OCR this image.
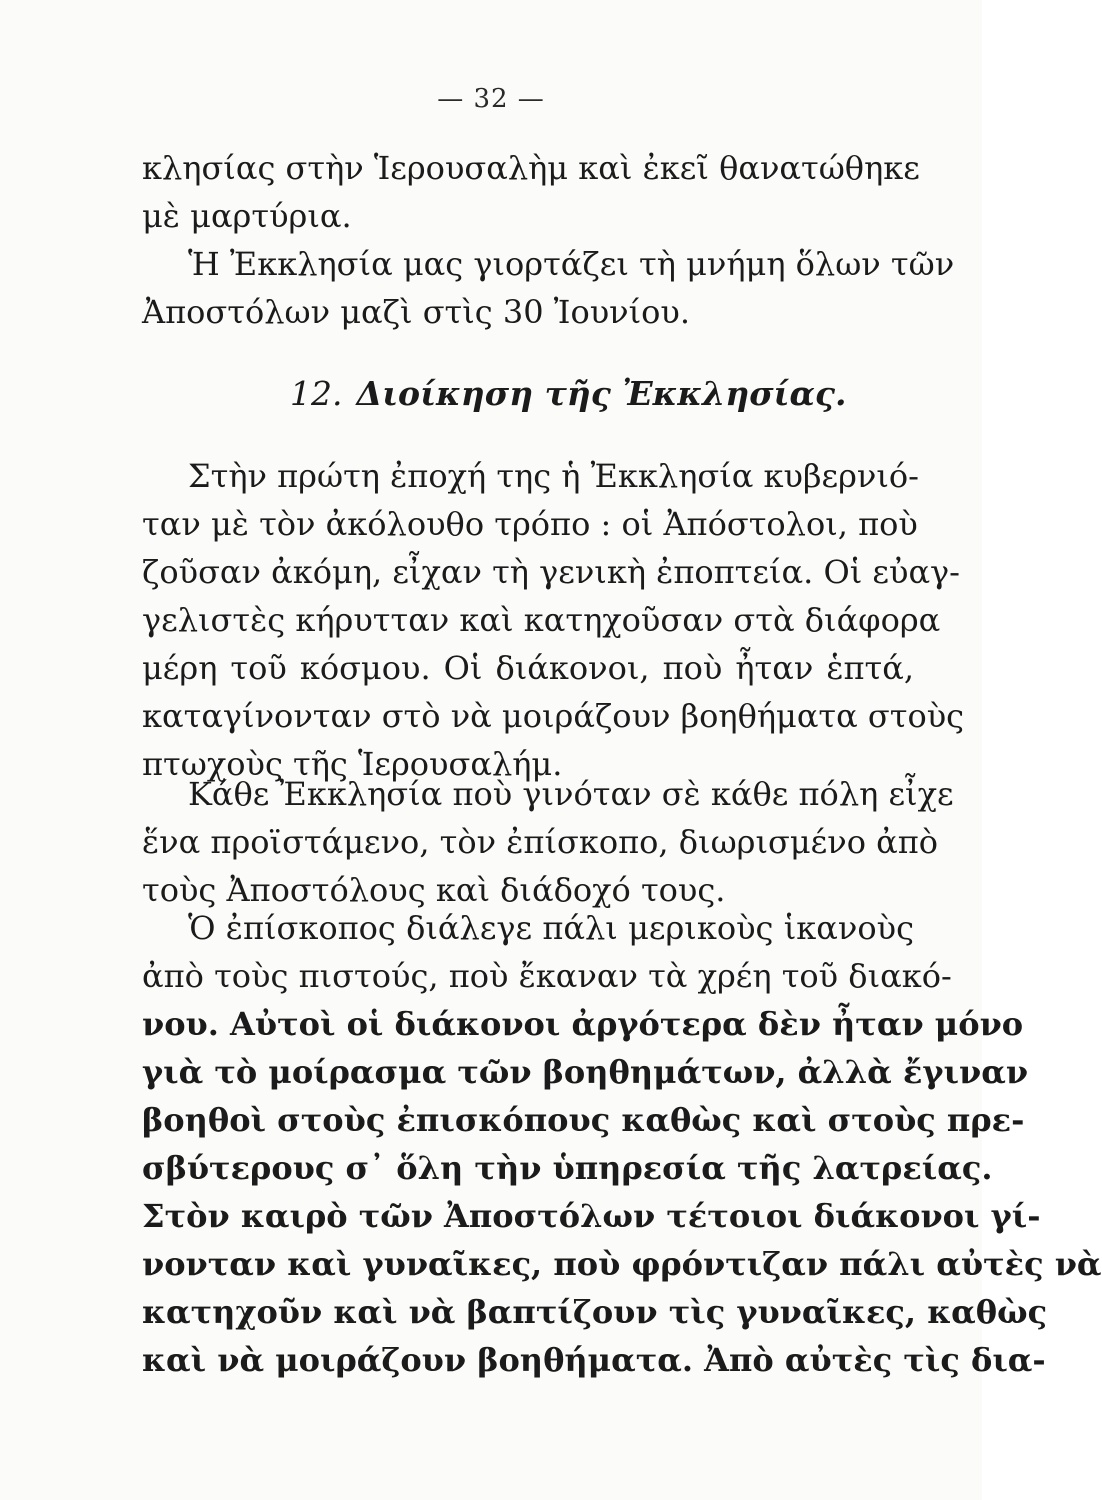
— 32 —
κλησίας στὴν Ἱερουσαλὴμ καὶ ἐκεῖ θανατώθηκε
μὲ μαρτύρια.
Ἡ Ἐκκλησία μας γιορτάζει τὴ μνήμη ὅλων τῶν
Ἀποστόλων μαζὶ στὶς 30 Ἰουνίου.
12. Διοίκηση τῆς Ἐκκλησίας.
Στὴν πρώτη ἐποχή της ἡ Ἐκκλησία κυβερνιό-
ταν μὲ τὸν ἀκόλουθο τρόπο : οἱ Ἀπόστολοι, ποὺ
ζοῦσαν ἀκόμη, εἶχαν τὴ γενικὴ ἐποπτεία. Οἱ εὐαγ-
γελιστὲς κήρυτταν καὶ κατηχοῦσαν στὰ διάφορα
μέρη τοῦ κόσμου. Οἱ διάκονοι, ποὺ ἦταν ἑπτά,
καταγίνονταν στὸ νὰ μοιράζουν βοηθήματα στοὺς
πτωχοὺς τῆς Ἱερουσαλήμ.
Κάθε Ἐκκλησία ποὺ γινόταν σὲ κάθε πόλη εἶχε
ἕνα προϊστάμενο, τὸν ἐπίσκοπο, διωρισμένο ἀπὸ
τοὺς Ἀποστόλους καὶ διάδοχό τους.
Ὁ ἐπίσκοπος διάλεγε πάλι μερικοὺς ἱκανοὺς
ἀπὸ τοὺς πιστούς, ποὺ ἔκαναν τὰ χρέη τοῦ διακό-
νου. Αὐτοὶ οἱ διάκονοι ἀργότερα δὲν ἦταν μόνο
γιὰ τὸ μοίρασμα τῶν βοηθημάτων, ἀλλὰ ἔγιναν
βοηθοὶ στοὺς ἐπισκόπους καθὼς καὶ στοὺς πρε-
σβύτερους σ᾽ ὅλη τὴν ὑπηρεσία τῆς λατρείας.
Στὸν καιρὸ τῶν Ἀποστόλων τέτοιοι διάκονοι γί-
νονταν καὶ γυναῖκες, ποὺ φρόντιζαν πάλι αὐτὲς νὰ
κατηχοῦν καὶ νὰ βαπτίζουν τὶς γυναῖκες, καθὼς
καὶ νὰ μοιράζουν βοηθήματα. Ἀπὸ αὐτὲς τὶς δια-
